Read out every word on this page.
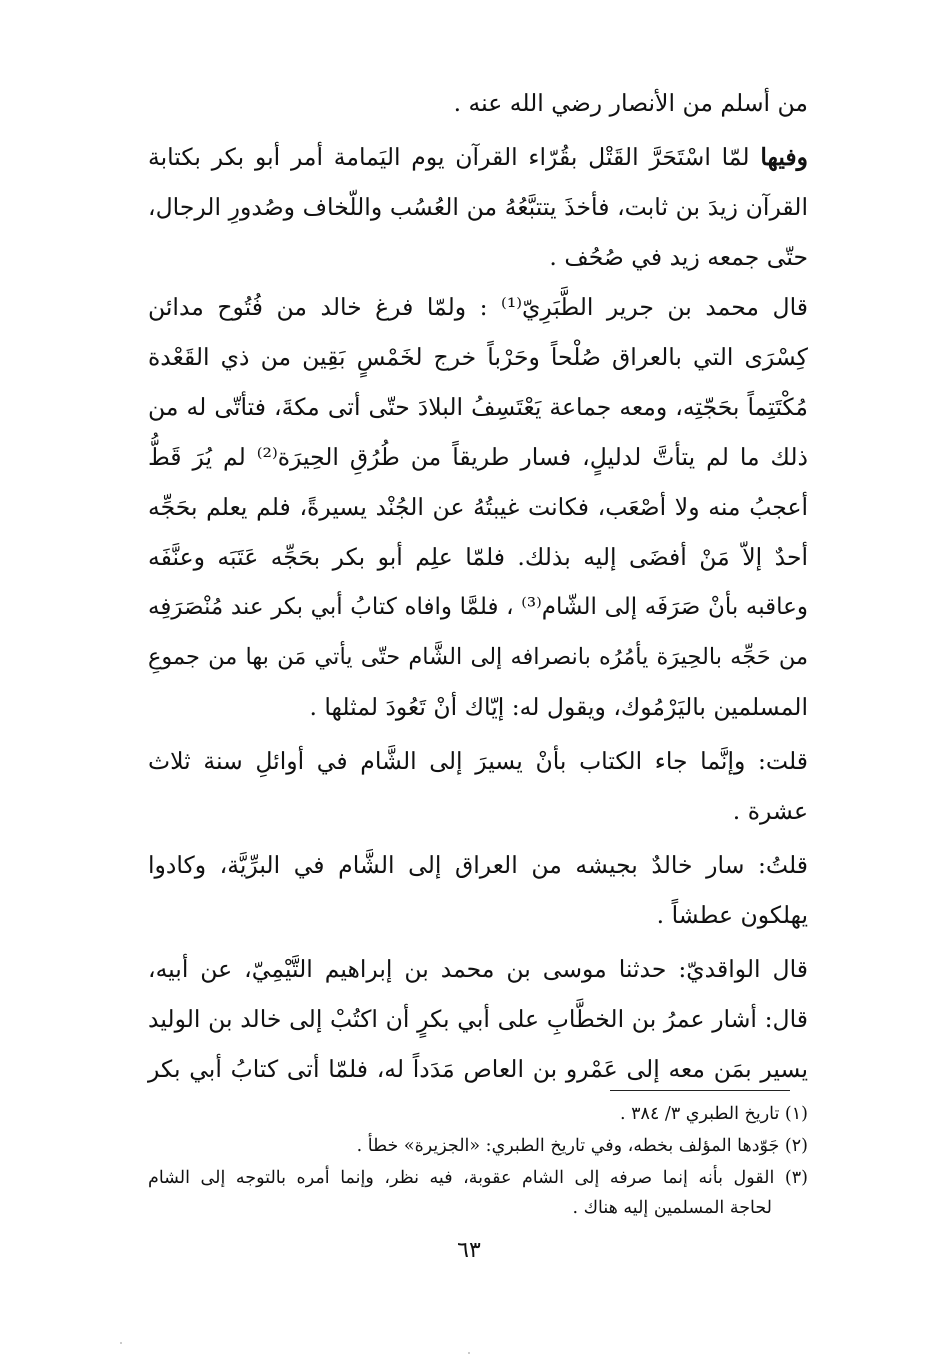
من أسلم من الأنصار رضي الله عنه .
وفيها لمّا اسْتَحَرَّ القَتْل بقُرّاء القرآن يوم اليَمامة أمر أبو بكر بكتابة
القرآن زيدَ بن ثابت، فأخذَ يتتبَّعُهُ من العُسُب واللّخاف وصُدورِ الرجال،
حتّى جمعه زيد في صُحُف .
قال محمد بن جرير الطَّبَرِيّ⁽¹⁾ : ولمّا فرغ خالد من فُتُوح مدائن
كِسْرَى التي بالعراق صُلْحاً وحَرْباً خرج لخَمْسٍ بَقِين من ذي القَعْدة
مُكْتَتِماً بحَجّتِه، ومعه جماعة يَعْتَسِفُ البلادَ حتّى أتى مكةَ، فتأتّى له من
ذلك ما لم يتأتَّ لدليلٍ، فسار طريقاً من طُرُقِ الحِيرَة⁽²⁾ لم يُرَ قَطُّ
أعجبُ منه ولا أصْعَب، فكانت غيبتُهُ عن الجُنْد يسيرةً، فلم يعلم بحَجِّه
أحدٌ إلاّ مَنْ أفضَى إليه بذلك. فلمّا علِم أبو بكر بحَجِّه عَتَبَه وعنَّفَه
وعاقبه بأنْ صَرَفَه إلى الشّام⁽³⁾ ، فلمَّا وافاه كتابُ أبي بكر عند مُنْصَرَفِه
من حَجِّه بالحِيرَة يأمُرُه بانصرافه إلى الشَّام حتّى يأتي مَن بها من جموعِ
المسلمين باليَرْمُوك، ويقول له: إيّاك أنْ تَعُودَ لمثلها .
قلت: وإنَّما جاء الكتاب بأنْ يسيرَ إلى الشَّام في أوائلِ سنة ثلاث
عشرة .
قلتُ: سار خالدٌ بجيشه من العراق إلى الشَّام في البرِّيَّة، وكادوا
يهلكون عطشاً .
قال الواقديّ: حدثنا موسى بن محمد بن إبراهيم التَّيْمِيّ، عن أبيه،
قال: أشار عمرُ بن الخطَّابِ على أبي بكرٍ أن اكتُبْ إلى خالد بن الوليد
يسير بمَن معه إلى عَمْرو بن العاص مَدَداً له، فلمّا أتى كتابُ أبي بكر
(١) تاريخ الطبري ٣/ ٣٨٤ .
(٢) جَوّدها المؤلف بخطه، وفي تاريخ الطبري: «الجزيرة» خطأ .
(٣) القول بأنه إنما صرفه إلى الشام عقوبة، فيه نظر، وإنما أمره بالتوجه إلى الشام
لحاجة المسلمين إليه هناك .
٦٣
